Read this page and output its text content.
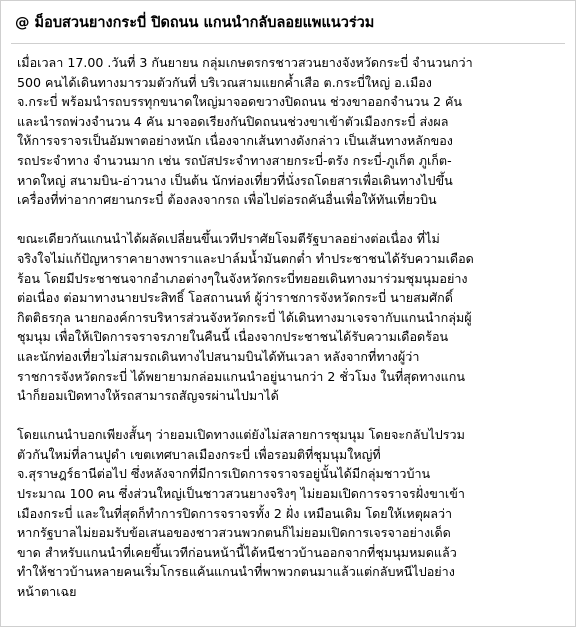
@ ม็อบสวนยางกระบี่ ปิดถนน แกนนำกลับลอยแพแนวร่วม

เมื่อเวลา 17.00 .วันที่ 3 กันยายน กลุ่มเกษตรกรชาวสวนยางจังหวัดกระบี่ จำนวนกว่า
500 คนได้เดินทางมารวมตัวกันที่ บริเวณสามแยกค้ำเสือ ต.กระบี่ใหญ่ อ.เมือง
จ.กระบี่ พร้อมนำรถบรรทุกขนาดใหญ่มาจอดขวางปิดถนน ช่วงขาออกจำนวน 2 คัน
และนำรถพ่วงจำนวน 4 คัน มาจอดเรียงกันปิดถนนช่วงขาเข้าตัวเมืองกระบี่ ส่งผล
ให้การจราจรเป็นอัมพาตอย่างหนัก เนื่องจากเส้นทางดังกล่าว เป็นเส้นทางหลักของ
รถประจำทาง จำนวนมาก เช่น รถบัสประจำทางสายกระบี่-ตรัง กระบี่-ภูเก็ต ภูเก็ต-
หาดใหญ่ สนามบิน-อ่าวนาง เป็นต้น นักท่องเที่ยวที่นั่งรถโดยสารเพื่อเดินทางไปขึ้น
เครื่องที่ท่าอากาศยานกระบี่ ต้องลงจากรถ เพื่อไปต่อรถคันอื่นเพื่อให้ทันเที่ยวบิน

ขณะเดียวกันแกนนำได้ผลัดเปลี่ยนขึ้นเวทีปราศัยโจมตีรัฐบาลอย่างต่อเนื่อง ที่ไม่
จริงใจไม่แก้ปัญหาราคายางพาราและปาล์มน้ำมันตกต่ำ ทำประชาชนได้รับความเดือด
ร้อน โดยมีประชาชนจากอำเภอต่างๆในจังหวัดกระบี่ทยอยเดินทางมาร่วมชุมนุมอย่าง
ต่อเนื่อง ต่อมาทางนายประสิทธิ์ โอสถานนท์ ผู้ว่าราชการจังหวัดกระบี่ นายสมศักดิ์
กิตติธรกุล นายกองค์การบริหารส่วนจังหวัดกระบี่ ได้เดินทางมาเจรจากับแกนนำกลุ่มผู้
ชุมนุม เพื่อให้เปิดการจราจรภายในคืนนี้ เนื่องจากประชาชนได้รับความเดือดร้อน
และนักท่องเที่ยวไม่สามรถเดินทางไปสนามบินได้ทันเวลา หลังจากที่ทางผู้ว่า
ราชการจังหวัดกระบี่ ได้พยายามกล่อมแกนนำอยู่นานกว่า 2 ชั่วโมง ในที่สุดทางแกน
นำก็ยอมเปิดทางให้รถสามารถสัญจรผ่านไปมาได้

โดยแกนนำบอกเพียงสั้นๆ ว่ายอมเปิดทางแต่ยังไม่สลายการชุมนุม โดยจะกลับไปรวม
ตัวกันใหม่ที่ลานปูดำ เขตเทศบาลเมืองกระบี่ เพื่อรอมติที่ชุมนุมใหญ่ที่
จ.สุราษฎร์ธานีต่อไป ซึ่งหลังจากที่มีการเปิดการจราจรอยู่นั้นได้มีกลุ่มชาวบ้าน
ประมาณ 100 คน ซึ่งส่วนใหญ่เป็นชาวสวนยางจริงๆ ไม่ยอมเปิดการจราจรฝั่งขาเข้า
เมืองกระบี่ และในที่สุดก็ทำการปิดการจราจรทั้ง 2 ฝั่ง เหมือนเดิม โดยให้เหตุผลว่า
หากรัฐบาลไม่ยอมรับข้อเสนอของชาวสวนพวกตนก็ไม่ยอมเปิดการเจรจาอย่างเด็ด
ขาด สำหรับแกนนำที่เคยขึ้นเวทีก่อนหน้านี้ได้หนีชาวบ้านออกจากที่ชุมนุมหมดแล้ว
ทำให้ชาวบ้านหลายคนเริ่มโกรธแค้นแกนนำที่พาพวกตนมาแล้วแต่กลับหนีไปอย่าง
หน้าตาเฉย
